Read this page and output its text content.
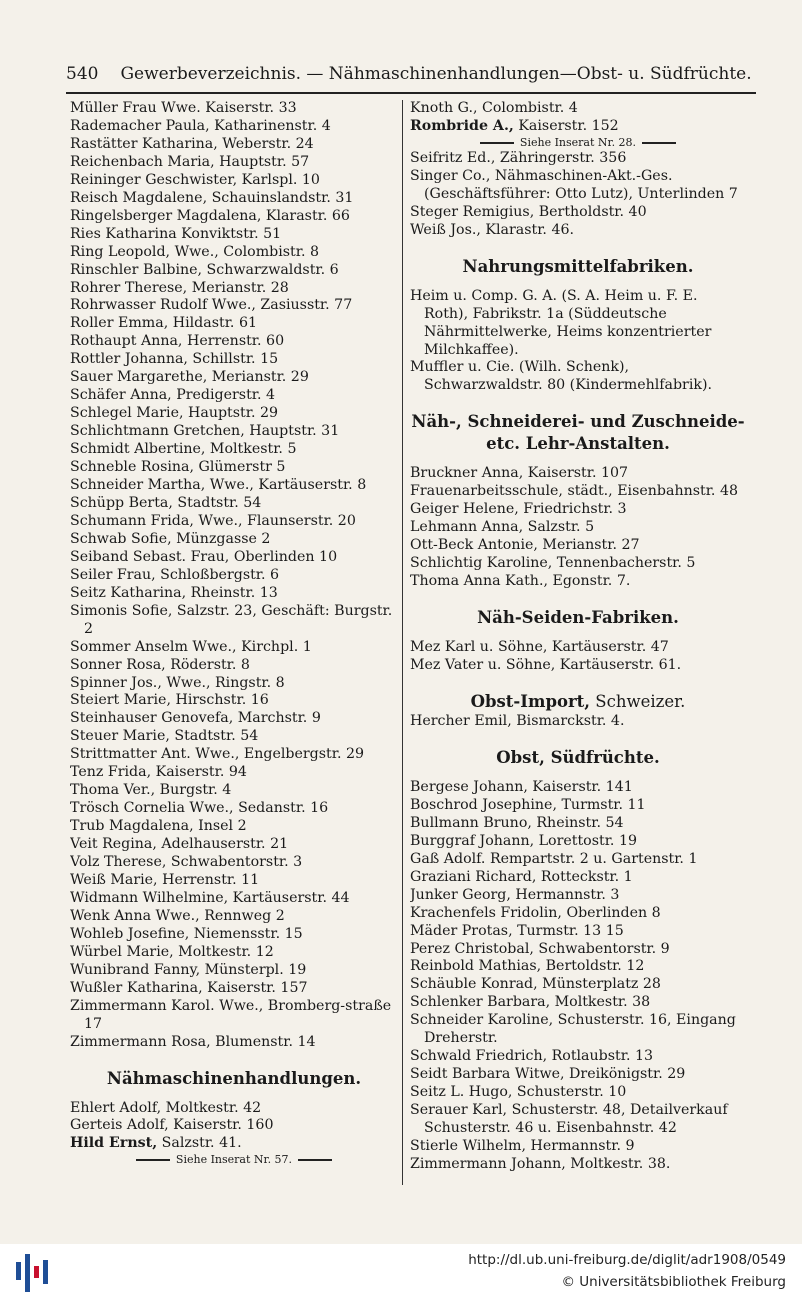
540 Gewerbeverzeichnis. — Nähmaschinenhandlungen—Obst- u. Südfrüchte.
Müller Frau Wwe. Kaiserstr. 33
Rademacher Paula, Katharinenstr. 4
Rastätter Katharina, Weberstr. 24
Reichenbach Maria, Hauptstr. 57
Reininger Geschwister, Karlspl. 10
Reisch Magdalene, Schauinslandstr. 31
Ringelsberger Magdalena, Klarastr. 66
Ries Katharina Konviktstr. 51
Ring Leopold, Wwe., Colombistr. 8
Rinschler Balbine, Schwarzwaldstr. 6
Rohrer Therese, Merianstr. 28
Rohrwasser Rudolf Wwe., Zasiusstr. 77
Roller Emma, Hildastr. 61
Rothaupt Anna, Herrenstr. 60
Rottler Johanna, Schillstr. 15
Sauer Margarethe, Merianstr. 29
Schäfer Anna, Predigerstr. 4
Schlegel Marie, Hauptstr. 29
Schlichtmann Gretchen, Hauptstr. 31
Schmidt Albertine, Moltkestr. 5
Schneble Rosina, Glümerstr 5
Schneider Martha, Wwe., Kartäuserstr. 8
Schüpp Berta, Stadtstr. 54
Schumann Frida, Wwe., Flaunserstr. 20
Schwab Sofie, Münzgasse 2
Seiband Sebast. Frau, Oberlinden 10
Seiler Frau, Schloßbergstr. 6
Seitz Katharina, Rheinstr. 13
Simonis Sofie, Salzstr. 23, Geschäft: Burgstr. 2
Sommer Anselm Wwe., Kirchpl. 1
Sonner Rosa, Röderstr. 8
Spinner Jos., Wwe., Ringstr. 8
Steiert Marie, Hirschstr. 16
Steinhauser Genovefa, Marchstr. 9
Steuer Marie, Stadtstr. 54
Strittmatter Ant. Wwe., Engelbergstr. 29
Tenz Frida, Kaiserstr. 94
Thoma Ver., Burgstr. 4
Trösch Cornelia Wwe., Sedanstr. 16
Trub Magdalena, Insel 2
Veit Regina, Adelhauserstr. 21
Volz Therese, Schwabentorstr. 3
Weiß Marie, Herrenstr. 11
Widmann Wilhelmine, Kartäuserstr. 44
Wenk Anna Wwe., Rennweg 2
Wohleb Josefine, Niemensstr. 15
Würbel Marie, Moltkestr. 12
Wunibrand Fanny, Münsterpl. 19
Wußler Katharina, Kaiserstr. 157
Zimmermann Karol. Wwe., Bromberg-straße 17
Zimmermann Rosa, Blumenstr. 14
Nähmaschinenhandlungen.
Ehlert Adolf, Moltkestr. 42
Gerteis Adolf, Kaiserstr. 160
Hild Ernst, Salzstr. 41.
Siehe Inserat Nr. 57.
Knoth G., Colombistr. 4
Rombride A., Kaiserstr. 152
Siehe Inserat Nr. 28.
Seifritz Ed., Zähringerstr. 356
Singer Co., Nähmaschinen-Akt.-Ges. (Geschäftsführer: Otto Lutz), Unterlinden 7
Steger Remigius, Bertholdstr. 40
Weiß Jos., Klarastr. 46.
Nahrungsmittelfabriken.
Heim u. Comp. G. A. (S. A. Heim u. F. E. Roth), Fabrikstr. 1a (Süddeutsche Nährmittelwerke, Heims konzentrierter Milchkaffee).
Muffler u. Cie. (Wilh. Schenk), Schwarzwaldstr. 80 (Kindermehlfabrik).
Näh-, Schneiderei- und Zuschneide-
etc. Lehr-Anstalten.
Bruckner Anna, Kaiserstr. 107
Frauenarbeitsschule, städt., Eisenbahnstr. 48
Geiger Helene, Friedrichstr. 3
Lehmann Anna, Salzstr. 5
Ott-Beck Antonie, Merianstr. 27
Schlichtig Karoline, Tennenbacherstr. 5
Thoma Anna Kath., Egonstr. 7.
Näh-Seiden-Fabriken.
Mez Karl u. Söhne, Kartäuserstr. 47
Mez Vater u. Söhne, Kartäuserstr. 61.
Obst-Import, Schweizer.
Hercher Emil, Bismarckstr. 4.
Obst, Südfrüchte.
Bergese Johann, Kaiserstr. 141
Boschrod Josephine, Turmstr. 11
Bullmann Bruno, Rheinstr. 54
Burggraf Johann, Lorettostr. 19
Gaß Adolf. Rempartstr. 2 u. Gartenstr. 1
Graziani Richard, Rotteckstr. 1
Junker Georg, Hermannstr. 3
Krachenfels Fridolin, Oberlinden 8
Mäder Protas, Turmstr. 13 15
Perez Christobal, Schwabentorstr. 9
Reinbold Mathias, Bertoldstr. 12
Schäuble Konrad, Münsterplatz 28
Schlenker Barbara, Moltkestr. 38
Schneider Karoline, Schusterstr. 16, Eingang Dreherstr.
Schwald Friedrich, Rotlaubstr. 13
Seidt Barbara Witwe, Dreikönigstr. 29
Seitz L. Hugo, Schusterstr. 10
Serauer Karl, Schusterstr. 48, Detailverkauf Schusterstr. 46 u. Eisenbahnstr. 42
Stierle Wilhelm, Hermannstr. 9
Zimmermann Johann, Moltkestr. 38.
http://dl.ub.uni-freiburg.de/diglit/adr1908/0549
© Universitätsbibliothek Freiburg
